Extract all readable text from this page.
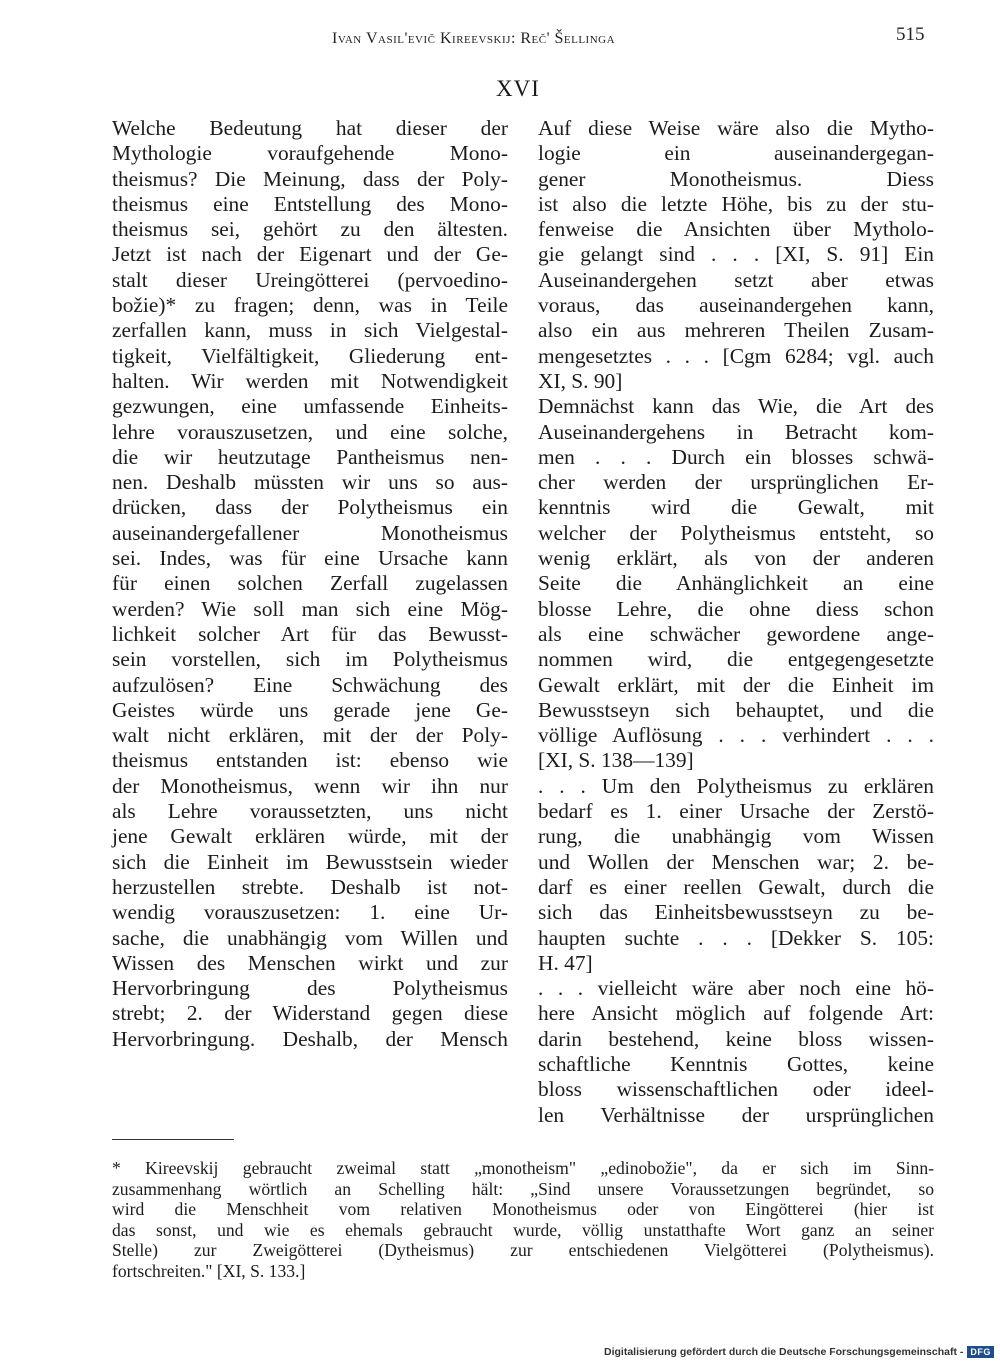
Ivan Vasil'evič Kireevskij: Reč' Šellinga	515
XVI
Welche Bedeutung hat dieser der
Mythologie voraufgehende Mono-
theismus? Die Meinung, dass der Poly-
theismus eine Entstellung des Mono-
theismus sei, gehört zu den ältesten.
Jetzt ist nach der Eigenart und der Ge-
stalt dieser Ureingötterei (pervoedino-
božie)* zu fragen; denn, was in Teile
zerfallen kann, muss in sich Vielgestal-
tigkeit, Vielfältigkeit, Gliederung ent-
halten. Wir werden mit Notwendigkeit
gezwungen, eine umfassende Einheits-
lehre vorauszusetzen, und eine solche,
die wir heutzutage Pantheismus nen-
nen. Deshalb müssten wir uns so aus-
drücken, dass der Polytheismus ein
auseinandergefallener Monotheismus
sei. Indes, was für eine Ursache kann
für einen solchen Zerfall zugelassen
werden? Wie soll man sich eine Mög-
lichkeit solcher Art für das Bewusst-
sein vorstellen, sich im Polytheismus
aufzulösen? Eine Schwächung des
Geistes würde uns gerade jene Ge-
walt nicht erklären, mit der der Poly-
theismus entstanden ist: ebenso wie
der Monotheismus, wenn wir ihn nur
als Lehre voraussetzten, uns nicht
jene Gewalt erklären würde, mit der
sich die Einheit im Bewusstsein wieder
herzustellen strebte. Deshalb ist not-
wendig vorauszusetzen: 1. eine Ur-
sache, die unabhängig vom Willen und
Wissen des Menschen wirkt und zur
Hervorbringung des Polytheismus
strebt; 2. der Widerstand gegen diese
Hervorbringung. Deshalb, der Mensch
Auf diese Weise wäre also die Mytho-
logie ein auseinandergegan-
gener Monotheismus. Diess
ist also die letzte Höhe, bis zu der stu-
fenweise die Ansichten über Mytholo-
gie gelangt sind . . . [XI, S. 91] Ein
Auseinandergehen setzt aber etwas
voraus, das auseinandergehen kann,
also ein aus mehreren Theilen Zusam-
mengesetztes . . . [Cgm 6284; vgl. auch
XI, S. 90]
Demnächst kann das Wie, die Art des
Auseinandergehens in Betracht kom-
men . . . Durch ein blosses schwä-
cher werden der ursprünglichen Er-
kenntnis wird die Gewalt, mit
welcher der Polytheismus entsteht, so
wenig erklärt, als von der anderen
Seite die Anhänglichkeit an eine
blosse Lehre, die ohne diess schon
als eine schwächer gewordene ange-
nommen wird, die entgegengesetzte
Gewalt erklärt, mit der die Einheit im
Bewusstseyn sich behauptet, und die
völlige Auflösung . . . verhindert . . .
[XI, S. 138—139]
. . . Um den Polytheismus zu erklären
bedarf es 1. einer Ursache der Zerstö-
rung, die unabhängig vom Wissen
und Wollen der Menschen war; 2. be-
darf es einer reellen Gewalt, durch die
sich das Einheitsbewusstseyn zu be-
haupten suchte . . . [Dekker S. 105:
H. 47]
. . . vielleicht wäre aber noch eine hö-
here Ansicht möglich auf folgende Art:
darin bestehend, keine bloss wissen-
schaftliche Kenntnis Gottes, keine
bloss wissenschaftlichen oder ideel-
len Verhältnisse der ursprünglichen
* Kireevskij gebraucht zweimal statt „monotheism" „edinobožie", da er sich im Sinn-
zusammenhang wörtlich an Schelling hält: „Sind unsere Voraussetzungen begründet, so
wird die Menschheit vom relativen Monotheismus oder von Eingötterei (hier ist
das sonst, und wie es ehemals gebraucht wurde, völlig unstatthafte Wort ganz an seiner
Stelle) zur Zweigötterei (Dytheismus) zur entschiedenen Vielgötterei (Polytheismus).
fortschreiten." [XI, S. 133.]
Digitalisierung gefördert durch die Deutsche Forschungsgemeinschaft - DFG
